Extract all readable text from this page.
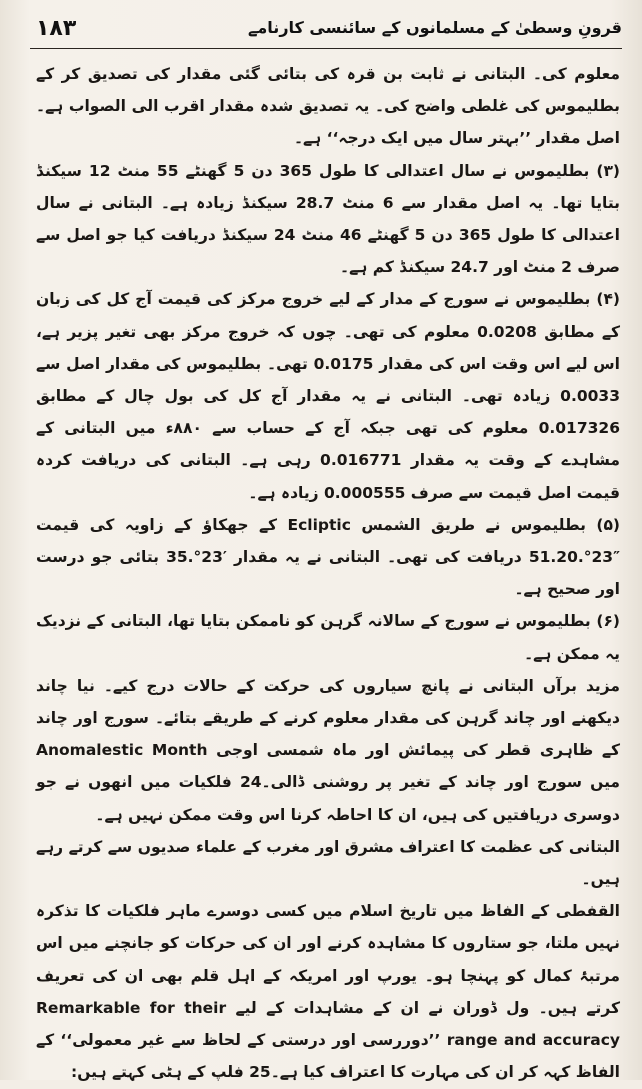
۱۸۳	قرونِ وسطیٰ کے مسلمانوں کے سائنسی کارنامے

معلوم کی۔ البتانی نے ثابت بن قرہ کی بتائی گئی مقدار کی تصدیق کر کے بطلیموس کی غلطی واضح کی۔ یہ تصدیق شدہ مقدار اقرب الی الصواب ہے۔ اصل مقدار ’’بہتر سال میں ایک درجہ‘‘ ہے۔

(۳) بطلیموس نے سال اعتدالی کا طول 365 دن 5 گھنٹے 55 منٹ 12 سیکنڈ بتایا تھا۔ یہ اصل مقدار سے 6 منٹ 28.7 سیکنڈ زیادہ ہے۔ البتانی نے سال اعتدالی کا طول 365 دن 5 گھنٹے 46 منٹ 24 سیکنڈ دریافت کیا جو اصل سے صرف 2 منٹ اور 24.7 سیکنڈ کم ہے۔

(۴) بطلیموس نے سورج کے مدار کے لیے خروج مرکز کی قیمت آج کل کی زبان کے مطابق 0.0208 معلوم کی تھی۔ چوں کہ خروج مرکز بھی تغیر پزیر ہے، اس لیے اس وقت اس کی مقدار 0.0175 تھی۔ بطلیموس کی مقدار اصل سے 0.0033 زیادہ تھی۔ البتانی نے یہ مقدار آج کل کی بول چال کے مطابق 0.017326 معلوم کی تھی جبکہ آج کے حساب سے ۸۸۰ء میں البتانی کے مشاہدے کے وقت یہ مقدار 0.016771 رہی ہے۔ البتانی کی دریافت کردہ قیمت اصل قیمت سے صرف 0.000555 زیادہ ہے۔

(۵) بطلیموس نے طریق الشمس Ecliptic کے جھکاؤ کے زاویہ کی قیمت ″23°.51.20 دریافت کی تھی۔ البتانی نے یہ مقدار ′23°.35 بتائی جو درست اور صحیح ہے۔

(۶) بطلیموس نے سورج کے سالانہ گرہن کو ناممکن بتایا تھا، البتانی کے نزدیک یہ ممکن ہے۔

مزید برآں البتانی نے پانچ سیاروں کی حرکت کے حالات درج کیے۔ نیا چاند دیکھنے اور چاند گرہن کی مقدار معلوم کرنے کے طریقے بتائے۔ سورج اور چاند کے ظاہری قطر کی پیمائش اور ماہ شمسی اوجی Anomalestic Month میں سورج اور چاند کے تغیر پر روشنی ڈالی۔24 فلکیات میں انھوں نے جو دوسری دریافتیں کی ہیں، ان کا احاطہ کرنا اس وقت ممکن نہیں ہے۔

البتانی کی عظمت کا اعتراف مشرق اور مغرب کے علماء صدیوں سے کرتے رہے ہیں۔

القفطی کے الفاظ میں تاریخ اسلام میں کسی دوسرے ماہر فلکیات کا تذکرہ نہیں ملتا، جو ستاروں کا مشاہدہ کرنے اور ان کی حرکات کو جانچنے میں اس مرتبۂ کمال کو پہنچا ہو۔ یورپ اور امریکہ کے اہل قلم بھی ان کی تعریف کرتے ہیں۔ ول ڈوران نے ان کے مشاہدات کے لیے Remarkable for their range and accuracy ’’دوررسی اور درستی کے لحاظ سے غیر معمولی‘‘ کے الفاظ کہہ کر ان کی مہارت کا اعتراف کیا ہے۔25 فلپ کے ہٹی کہتے ہیں:
